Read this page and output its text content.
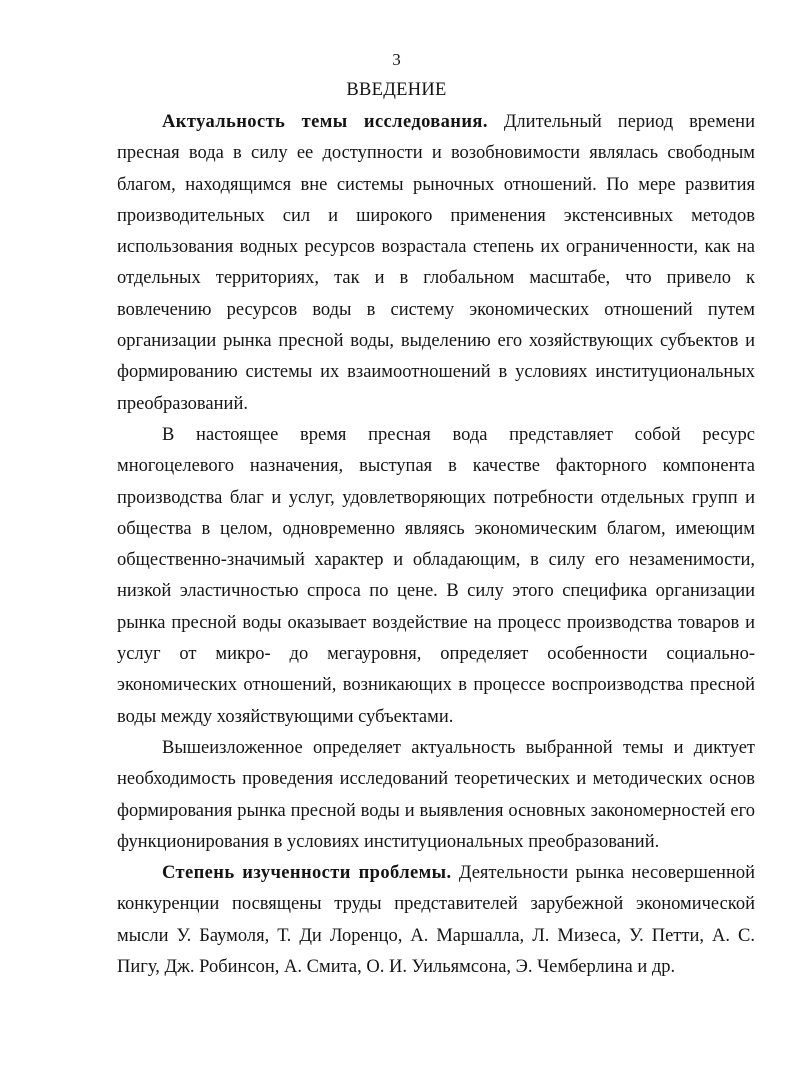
3
ВВЕДЕНИЕ

Актуальность темы исследования. Длительный период времени пресная вода в силу ее доступности и возобновимости являлась свободным благом, находящимся вне системы рыночных отношений. По мере развития производительных сил и широкого применения экстенсивных методов использования водных ресурсов возрастала степень их ограниченности, как на отдельных территориях, так и в глобальном масштабе, что привело к вовлечению ресурсов воды в систему экономических отношений путем организации рынка пресной воды, выделению его хозяйствующих субъектов и формированию системы их взаимоотношений в условиях институциональных преобразований.

В настоящее время пресная вода представляет собой ресурс многоцелевого назначения, выступая в качестве факторного компонента производства благ и услуг, удовлетворяющих потребности отдельных групп и общества в целом, одновременно являясь экономическим благом, имеющим общественно-значимый характер и обладающим, в силу его незаменимости, низкой эластичностью спроса по цене. В силу этого специфика организации рынка пресной воды оказывает воздействие на процесс производства товаров и услуг от микро- до мегауровня, определяет особенности социально-экономических отношений, возникающих в процессе воспроизводства пресной воды между хозяйствующими субъектами.

Вышеизложенное определяет актуальность выбранной темы и диктует необходимость проведения исследований теоретических и методических основ формирования рынка пресной воды и выявления основных закономерностей его функционирования в условиях институциональных преобразований.

Степень изученности проблемы. Деятельности рынка несовершенной конкуренции посвящены труды представителей зарубежной экономической мысли У. Баумоля, Т. Ди Лоренцо, А. Маршалла, Л. Мизеса, У. Петти, А. С. Пигу, Дж. Робинсон, А. Смита, О. И. Уильямсона, Э. Чемберлина и др.
